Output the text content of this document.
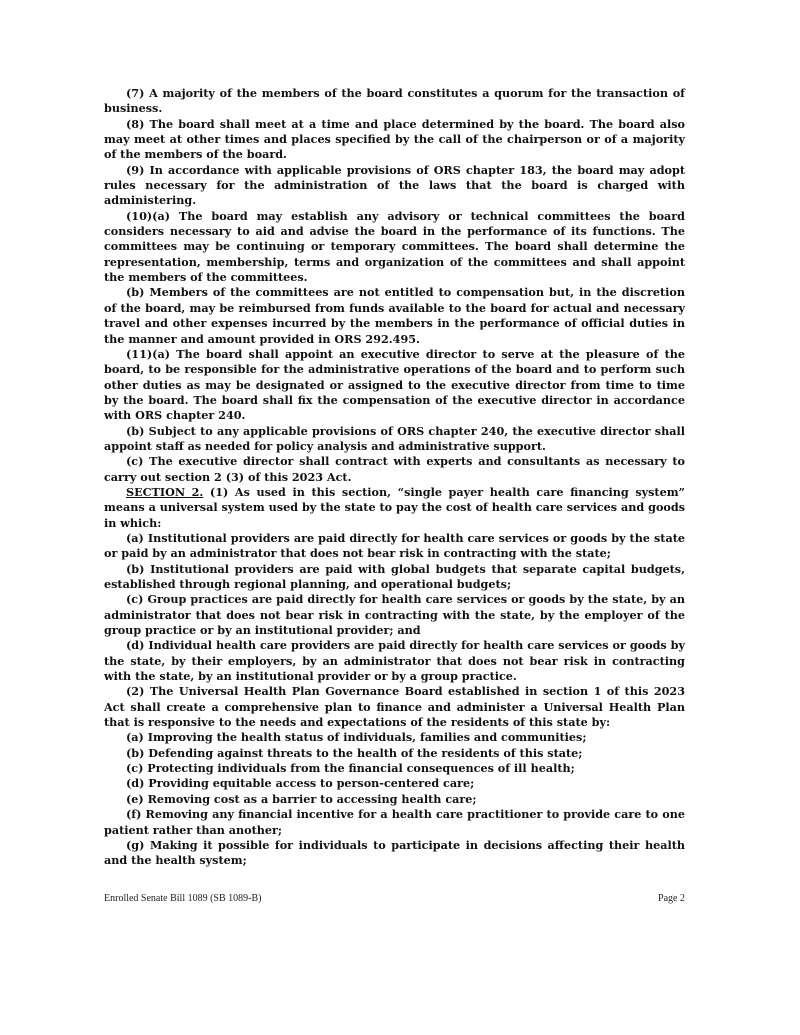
(7) A majority of the members of the board constitutes a quorum for the transaction of business.

(8) The board shall meet at a time and place determined by the board. The board also may meet at other times and places specified by the call of the chairperson or of a majority of the members of the board.

(9) In accordance with applicable provisions of ORS chapter 183, the board may adopt rules necessary for the administration of the laws that the board is charged with administering.

(10)(a) The board may establish any advisory or technical committees the board considers necessary to aid and advise the board in the performance of its functions. The committees may be continuing or temporary committees. The board shall determine the representation, membership, terms and organization of the committees and shall appoint the members of the committees.

(b) Members of the committees are not entitled to compensation but, in the discretion of the board, may be reimbursed from funds available to the board for actual and necessary travel and other expenses incurred by the members in the performance of official duties in the manner and amount provided in ORS 292.495.

(11)(a) The board shall appoint an executive director to serve at the pleasure of the board, to be responsible for the administrative operations of the board and to perform such other duties as may be designated or assigned to the executive director from time to time by the board. The board shall fix the compensation of the executive director in accordance with ORS chapter 240.

(b) Subject to any applicable provisions of ORS chapter 240, the executive director shall appoint staff as needed for policy analysis and administrative support.

(c) The executive director shall contract with experts and consultants as necessary to carry out section 2 (3) of this 2023 Act.

SECTION 2. (1) As used in this section, “single payer health care financing system” means a universal system used by the state to pay the cost of health care services and goods in which:

(a) Institutional providers are paid directly for health care services or goods by the state or paid by an administrator that does not bear risk in contracting with the state;

(b) Institutional providers are paid with global budgets that separate capital budgets, established through regional planning, and operational budgets;

(c) Group practices are paid directly for health care services or goods by the state, by an administrator that does not bear risk in contracting with the state, by the employer of the group practice or by an institutional provider; and

(d) Individual health care providers are paid directly for health care services or goods by the state, by their employers, by an administrator that does not bear risk in contracting with the state, by an institutional provider or by a group practice.

(2) The Universal Health Plan Governance Board established in section 1 of this 2023 Act shall create a comprehensive plan to finance and administer a Universal Health Plan that is responsive to the needs and expectations of the residents of this state by:

(a) Improving the health status of individuals, families and communities;

(b) Defending against threats to the health of the residents of this state;

(c) Protecting individuals from the financial consequences of ill health;

(d) Providing equitable access to person-centered care;

(e) Removing cost as a barrier to accessing health care;

(f) Removing any financial incentive for a health care practitioner to provide care to one patient rather than another;

(g) Making it possible for individuals to participate in decisions affecting their health and the health system;

Enrolled Senate Bill 1089 (SB 1089-B)	Page 2
